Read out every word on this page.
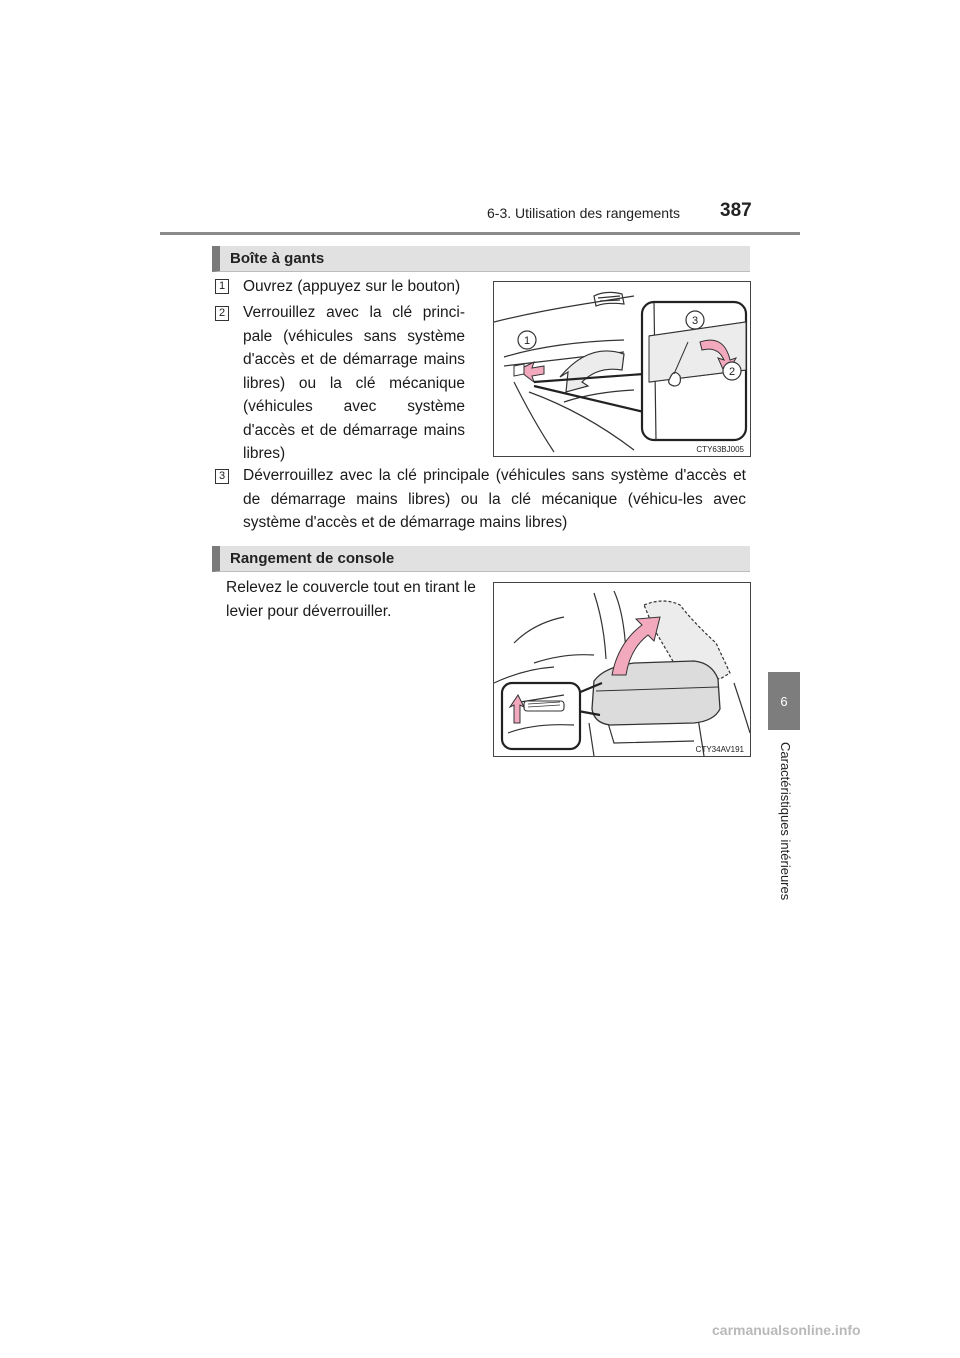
6-3. Utilisation des rangements 387
6
Caractéristiques intérieures
Boîte à gants
1 Ouvrez (appuyez sur le bouton)
2 Verrouillez avec la clé princi-pale (véhicules sans système d'accès et de démarrage mains libres) ou la clé mécanique (véhicules avec système d'accès et de démarrage mains libres)
3 Déverrouillez avec la clé principale (véhicules sans système d'accès et de démarrage mains libres) ou la clé mécanique (véhicu-les avec système d'accès et de démarrage mains libres)
1
3
2
CTY63BJ005
Rangement de console
Relevez le couvercle tout en tirant le levier pour déverrouiller.
CTY34AV191
carmanualsonline.info
